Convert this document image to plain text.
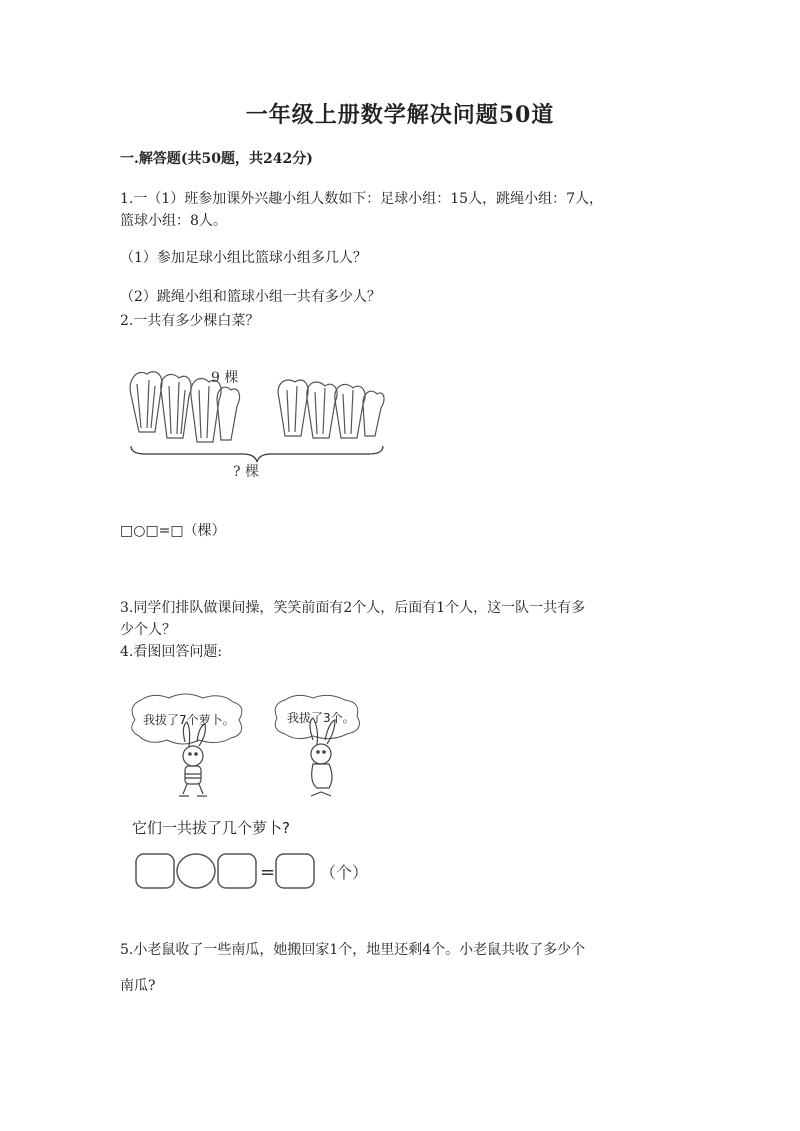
一年级上册数学解决问题50道
一.解答题(共50题，共242分)
1.一（1）班参加课外兴趣小组人数如下：足球小组：15人，跳绳小组：7人，
篮球小组：8人。
（1）参加足球小组比篮球小组多几人？
（2）跳绳小组和篮球小组一共有多少人？
2.一共有多少棵白菜？
9 棵
? 棵
□○□=□（棵）
3.同学们排队做课间操，笑笑前面有2个人，后面有1个人，这一队一共有多
少个人？
4.看图回答问题:
我拔了7个萝卜。	我拔了3个。
它们一共拔了几个萝卜?
=	（个）
5.小老鼠收了一些南瓜，她搬回家1个，地里还剩4个。小老鼠共收了多少个
南瓜?
